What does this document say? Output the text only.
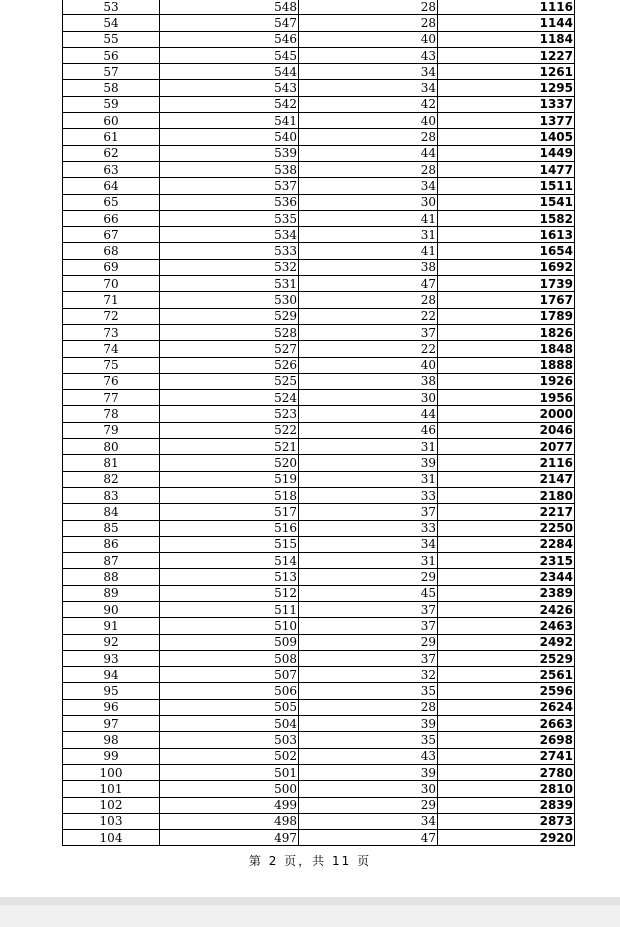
53	548	28	1116
54	547	28	1144
55	546	40	1184
56	545	43	1227
57	544	34	1261
58	543	34	1295
59	542	42	1337
60	541	40	1377
61	540	28	1405
62	539	44	1449
63	538	28	1477
64	537	34	1511
65	536	30	1541
66	535	41	1582
67	534	31	1613
68	533	41	1654
69	532	38	1692
70	531	47	1739
71	530	28	1767
72	529	22	1789
73	528	37	1826
74	527	22	1848
75	526	40	1888
76	525	38	1926
77	524	30	1956
78	523	44	2000
79	522	46	2046
80	521	31	2077
81	520	39	2116
82	519	31	2147
83	518	33	2180
84	517	37	2217
85	516	33	2250
86	515	34	2284
87	514	31	2315
88	513	29	2344
89	512	45	2389
90	511	37	2426
91	510	37	2463
92	509	29	2492
93	508	37	2529
94	507	32	2561
95	506	35	2596
96	505	28	2624
97	504	39	2663
98	503	35	2698
99	502	43	2741
100	501	39	2780
101	500	30	2810
102	499	29	2839
103	498	34	2873
104	497	47	2920
第 2 页，共 11 页
